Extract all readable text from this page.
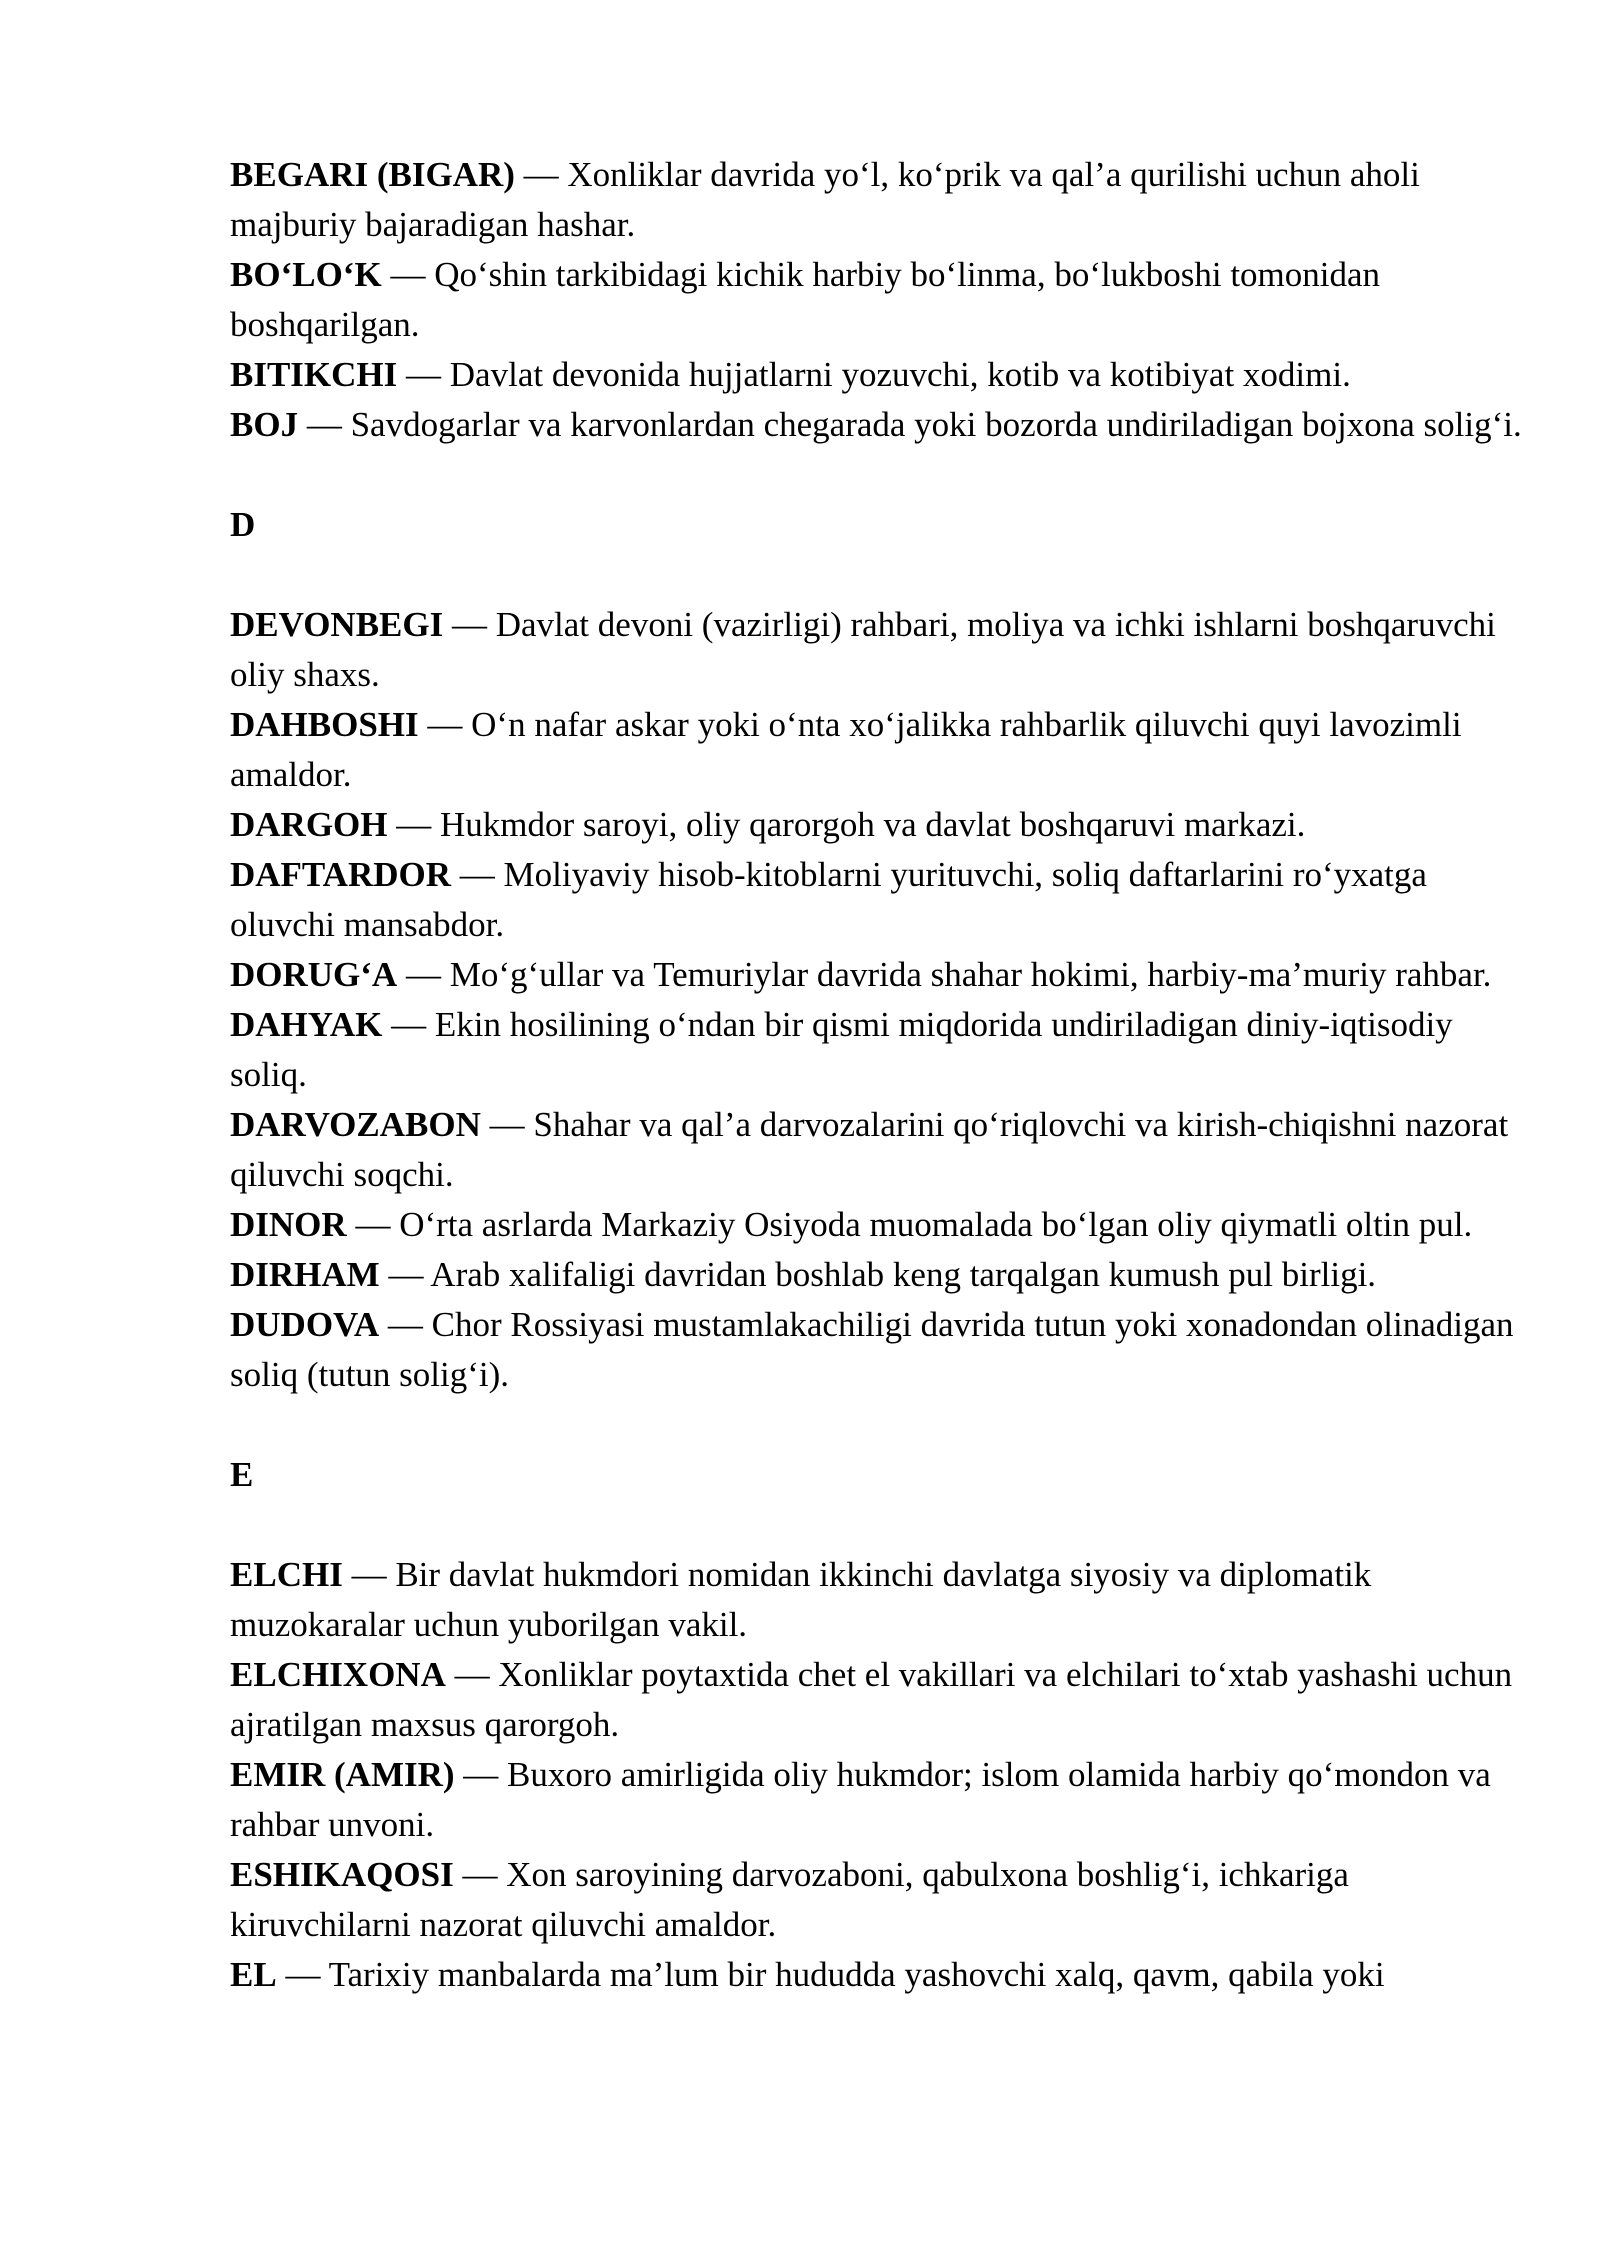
BEGARI (BIGAR) — Xonliklar davrida yo‘l, ko‘prik va qal’a qurilishi uchun aholi majburiy bajaradigan hashar.

BO‘LO‘K — Qo‘shin tarkibidagi kichik harbiy bo‘linma, bo‘lukboshi tomonidan boshqarilgan.

BITIKCHI — Davlat devonida hujjatlarni yozuvchi, kotib va kotibiyat xodimi.

BOJ — Savdogarlar va karvonlardan chegarada yoki bozorda undiriladigan bojxona solig‘i.

D

DEVONBEGI — Davlat devoni (vazirligi) rahbari, moliya va ichki ishlarni boshqaruvchi oliy shaxs.

DAHBOSHI — O‘n nafar askar yoki o‘nta xo‘jalikka rahbarlik qiluvchi quyi lavozimli amaldor.

DARGOH — Hukmdor saroyi, oliy qarorgoh va davlat boshqaruvi markazi.

DAFTARDOR — Moliyaviy hisob-kitoblarni yurituvchi, soliq daftarlarini ro‘yxatga oluvchi mansabdor.

DORUG‘A — Mo‘g‘ullar va Temuriylar davrida shahar hokimi, harbiy-ma’muriy rahbar.

DAHYAK — Ekin hosilining o‘ndan bir qismi miqdorida undiriladigan diniy-iqtisodiy soliq.

DARVOZABON — Shahar va qal’a darvozalarini qo‘riqlovchi va kirish-chiqishni nazorat qiluvchi soqchi.

DINOR — O‘rta asrlarda Markaziy Osiyoda muomalada bo‘lgan oliy qiymatli oltin pul.

DIRHAM — Arab xalifaligi davridan boshlab keng tarqalgan kumush pul birligi.

DUDOVA — Chor Rossiyasi mustamlakachiligi davrida tutun yoki xonadondan olinadigan soliq (tutun solig‘i).

E

ELCHI — Bir davlat hukmdori nomidan ikkinchi davlatga siyosiy va diplomatik muzokaralar uchun yuborilgan vakil.

ELCHIXONA — Xonliklar poytaxtida chet el vakillari va elchilari to‘xtab yashashi uchun ajratilgan maxsus qarorgoh.

EMIR (AMIR) — Buxoro amirligida oliy hukmdor; islom olamida harbiy qo‘mondon va rahbar unvoni.

ESHIKAQOSI — Xon saroyining darvozaboni, qabulxona boshlig‘i, ichkariga kiruvchilarni nazorat qiluvchi amaldor.

EL — Tarixiy manbalarda ma’lum bir hududda yashovchi xalq, qavm, qabila yoki
